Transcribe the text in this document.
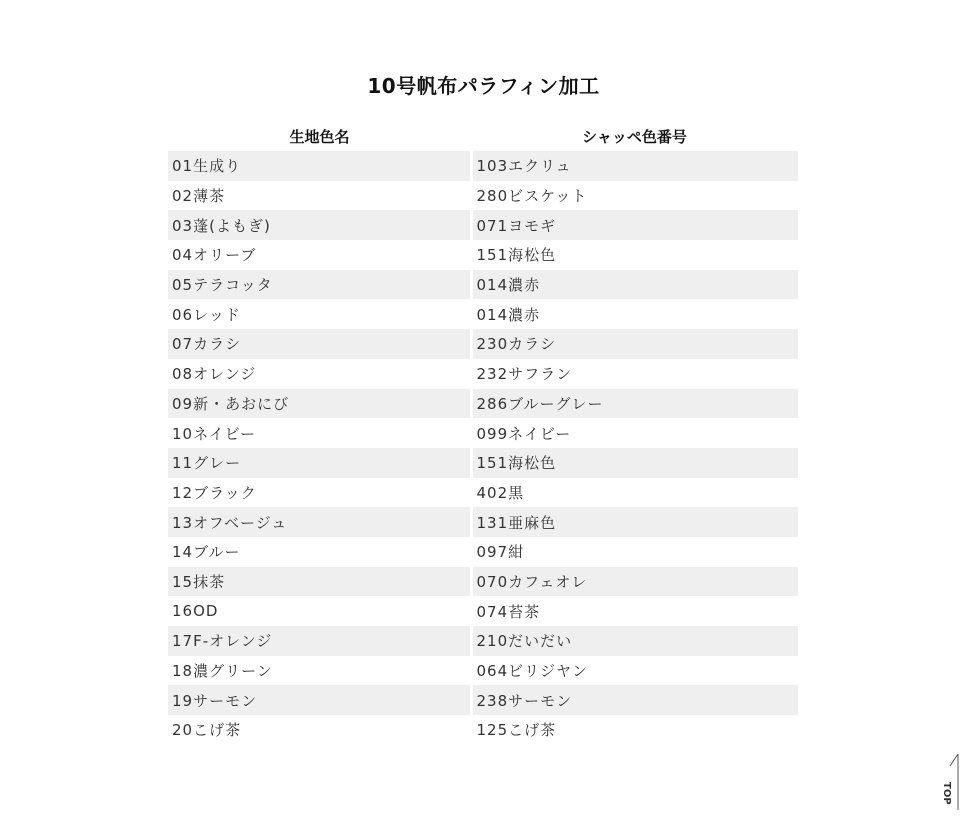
10号帆布パラフィン加工
生地色名	シャッペ色番号
01生成り	103エクリュ
02薄茶	280ビスケット
03蓬(よもぎ)	071ヨモギ
04オリーブ	151海松色
05テラコッタ	014濃赤
06レッド	014濃赤
07カラシ	230カラシ
08オレンジ	232サフラン
09新・あおにび	286ブルーグレー
10ネイビー	099ネイビー
11グレー	151海松色
12ブラック	402黒
13オフベージュ	131亜麻色
14ブルー	097紺
15抹茶	070カフェオレ
16OD	074苔茶
17F-オレンジ	210だいだい
18濃グリーン	064ビリジヤン
19サーモン	238サーモン
20こげ茶	125こげ茶
TOP
